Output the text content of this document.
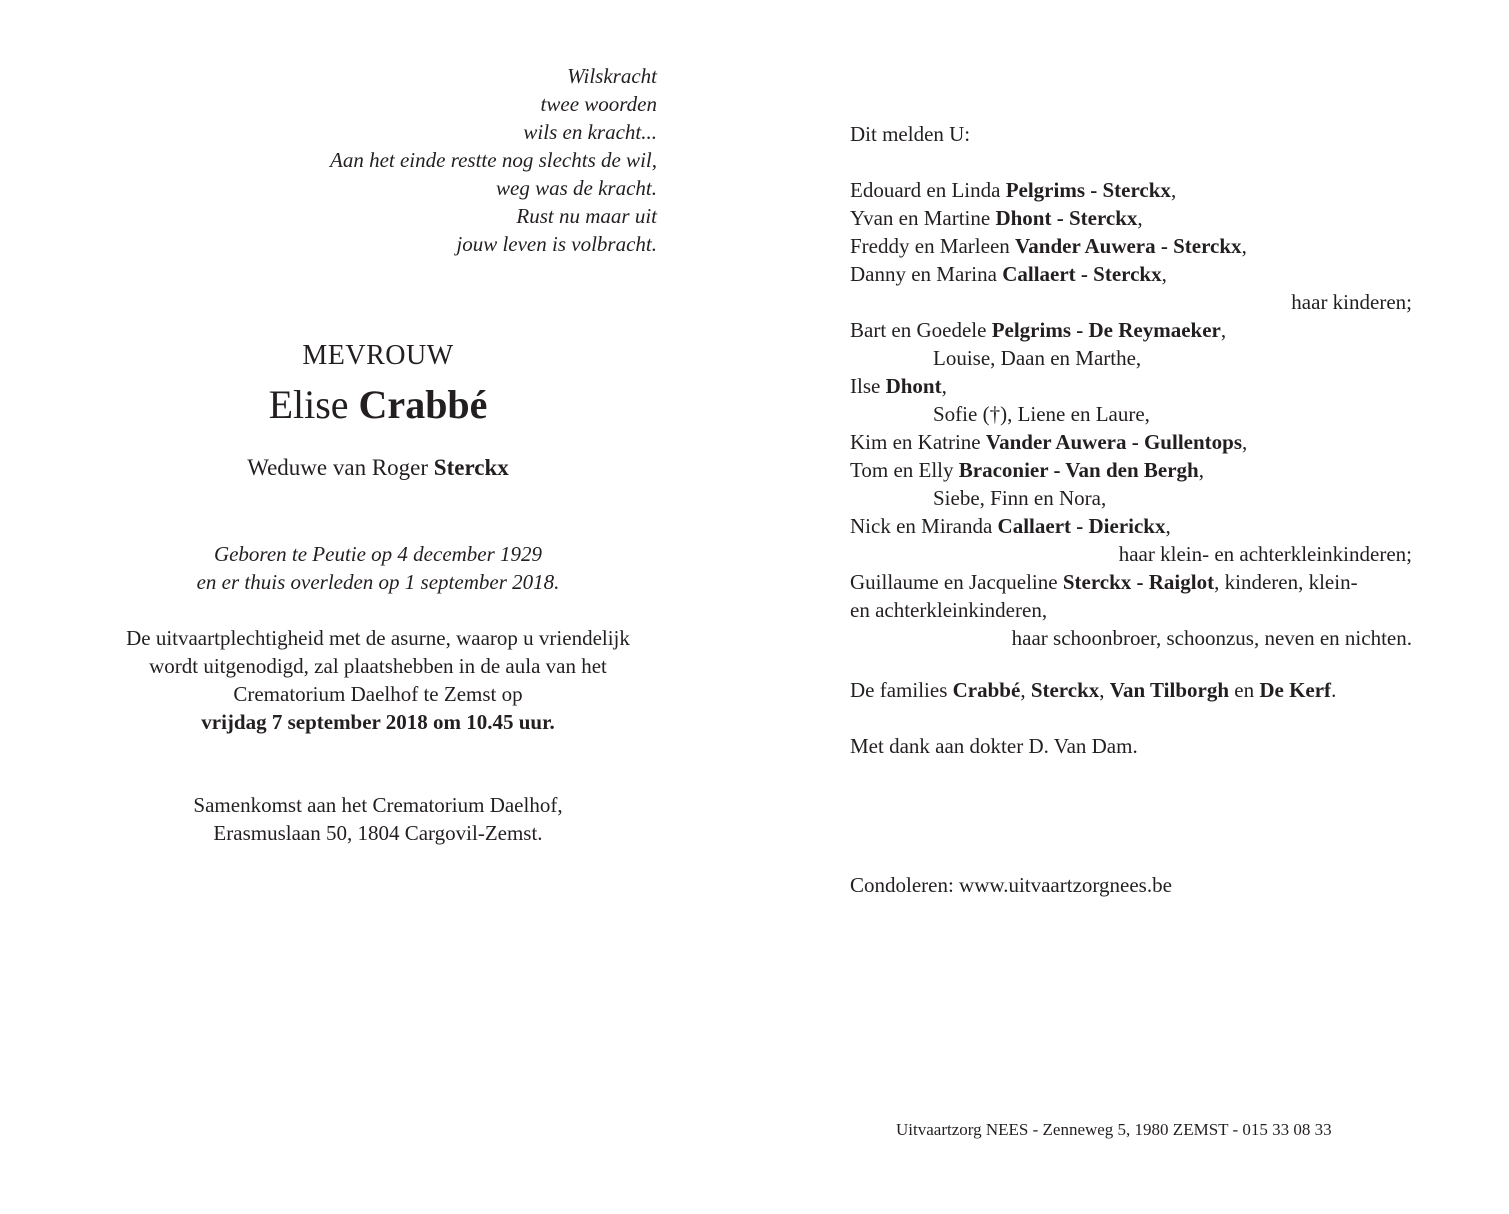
Wilskracht
twee woorden
wils en kracht...
Aan het einde restte nog slechts de wil,
weg was de kracht.
Rust nu maar uit
jouw leven is volbracht.
MEVROUW
Elise Crabbé
Weduwe van Roger Sterckx
Geboren te Peutie op 4 december 1929
en er thuis overleden op 1 september 2018.
De uitvaartplechtigheid met de asurne, waarop u vriendelijk
wordt uitgenodigd, zal plaatshebben in de aula van het
Crematorium Daelhof te Zemst op
vrijdag 7 september 2018 om 10.45 uur.
Samenkomst aan het Crematorium Daelhof,
Erasmuslaan 50, 1804 Cargovil-Zemst.
Dit melden U:
Edouard en Linda Pelgrims - Sterckx,
Yvan en Martine Dhont - Sterckx,
Freddy en Marleen Vander Auwera - Sterckx,
Danny en Marina Callaert - Sterckx,
haar kinderen;
Bart en Goedele Pelgrims - De Reymaeker,
Louise, Daan en Marthe,
Ilse Dhont,
Sofie (†), Liene en Laure,
Kim en Katrine Vander Auwera - Gullentops,
Tom en Elly Braconier - Van den Bergh,
Siebe, Finn en Nora,
Nick en Miranda Callaert - Dierickx,
haar klein- en achterkleinkinderen;
Guillaume en Jacqueline Sterckx - Raiglot, kinderen, klein-
en achterkleinkinderen,
haar schoonbroer, schoonzus, neven en nichten.
De families Crabbé, Sterckx, Van Tilborgh en De Kerf.
Met dank aan dokter D. Van Dam.
Condoleren: www.uitvaartzorgnees.be
Uitvaartzorg NEES - Zenneweg 5, 1980 ZEMST - 015 33 08 33
